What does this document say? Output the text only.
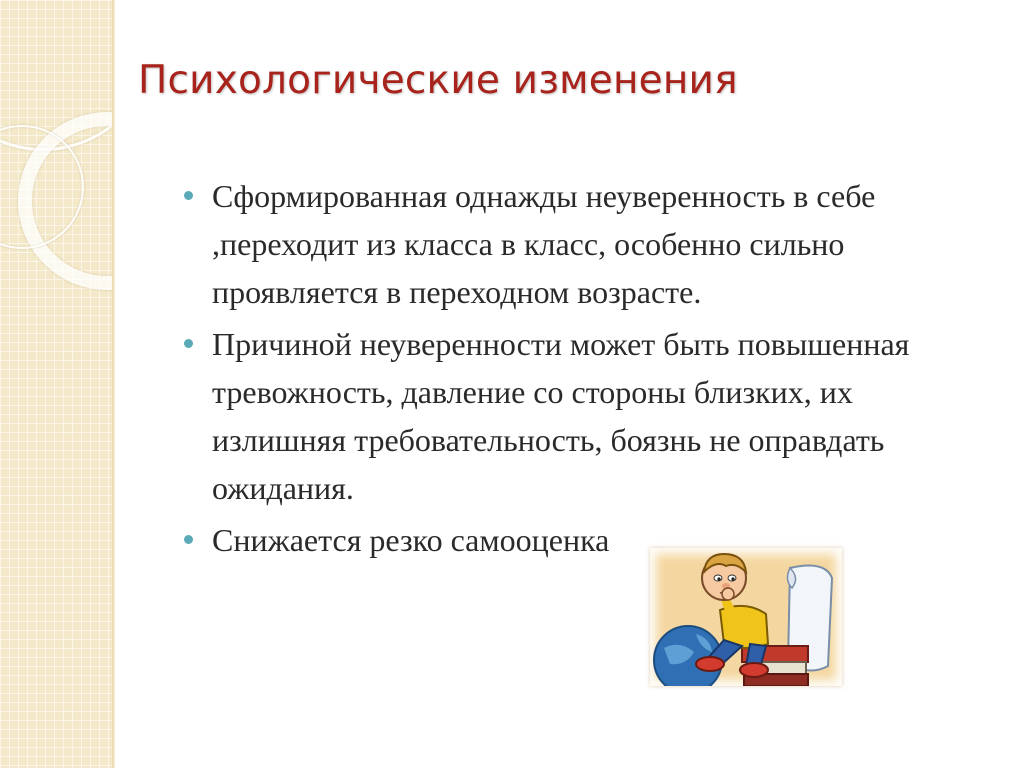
Психологические изменения
Сформированная однажды неуверенность в себе ,переходит из класса в класс, особенно сильно проявляется в переходном возрасте.
Причиной неуверенности может быть повышенная тревожность, давление со стороны близких, их излишняя требовательность, боязнь не оправдать ожидания.
Снижается резко самооценка
